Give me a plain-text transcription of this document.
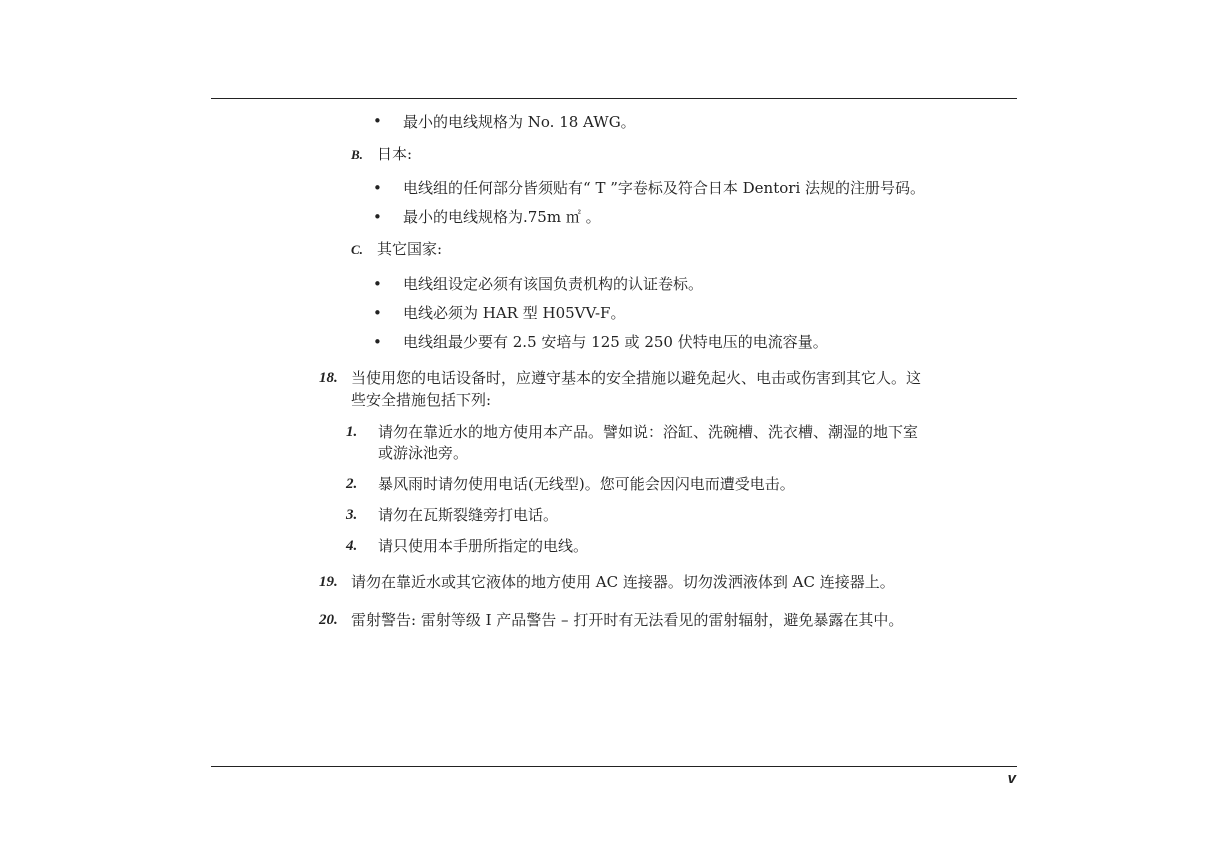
• 最小的电线规格为 No. 18 AWG。
B. 日本:
• 电线组的任何部分皆须贴有“ T ”字卷标及符合日本 Dentori 法规的注册号码。
• 最小的电线规格为.75m ㎡ 。
C. 其它国家:
• 电线组设定必须有该国负责机构的认证卷标。
• 电线必须为 HAR 型 H05VV-F。
• 电线组最少要有 2.5 安培与 125 或 250 伏特电压的电流容量。
18. 当使用您的电话设备时，应遵守基本的安全措施以避免起火、电击或伤害到其它人。这
些安全措施包括下列:
1. 请勿在靠近水的地方使用本产品。譬如说：浴缸、洗碗槽、洗衣槽、潮湿的地下室
或游泳池旁。
2. 暴风雨时请勿使用电话(无线型)。您可能会因闪电而遭受电击。
3. 请勿在瓦斯裂缝旁打电话。
4. 请只使用本手册所指定的电线。
19. 请勿在靠近水或其它液体的地方使用 AC 连接器。切勿泼洒液体到 AC 连接器上。
20. 雷射警告: 雷射等级 I 产品警告 – 打开时有无法看见的雷射辐射，避免暴露在其中。
v
